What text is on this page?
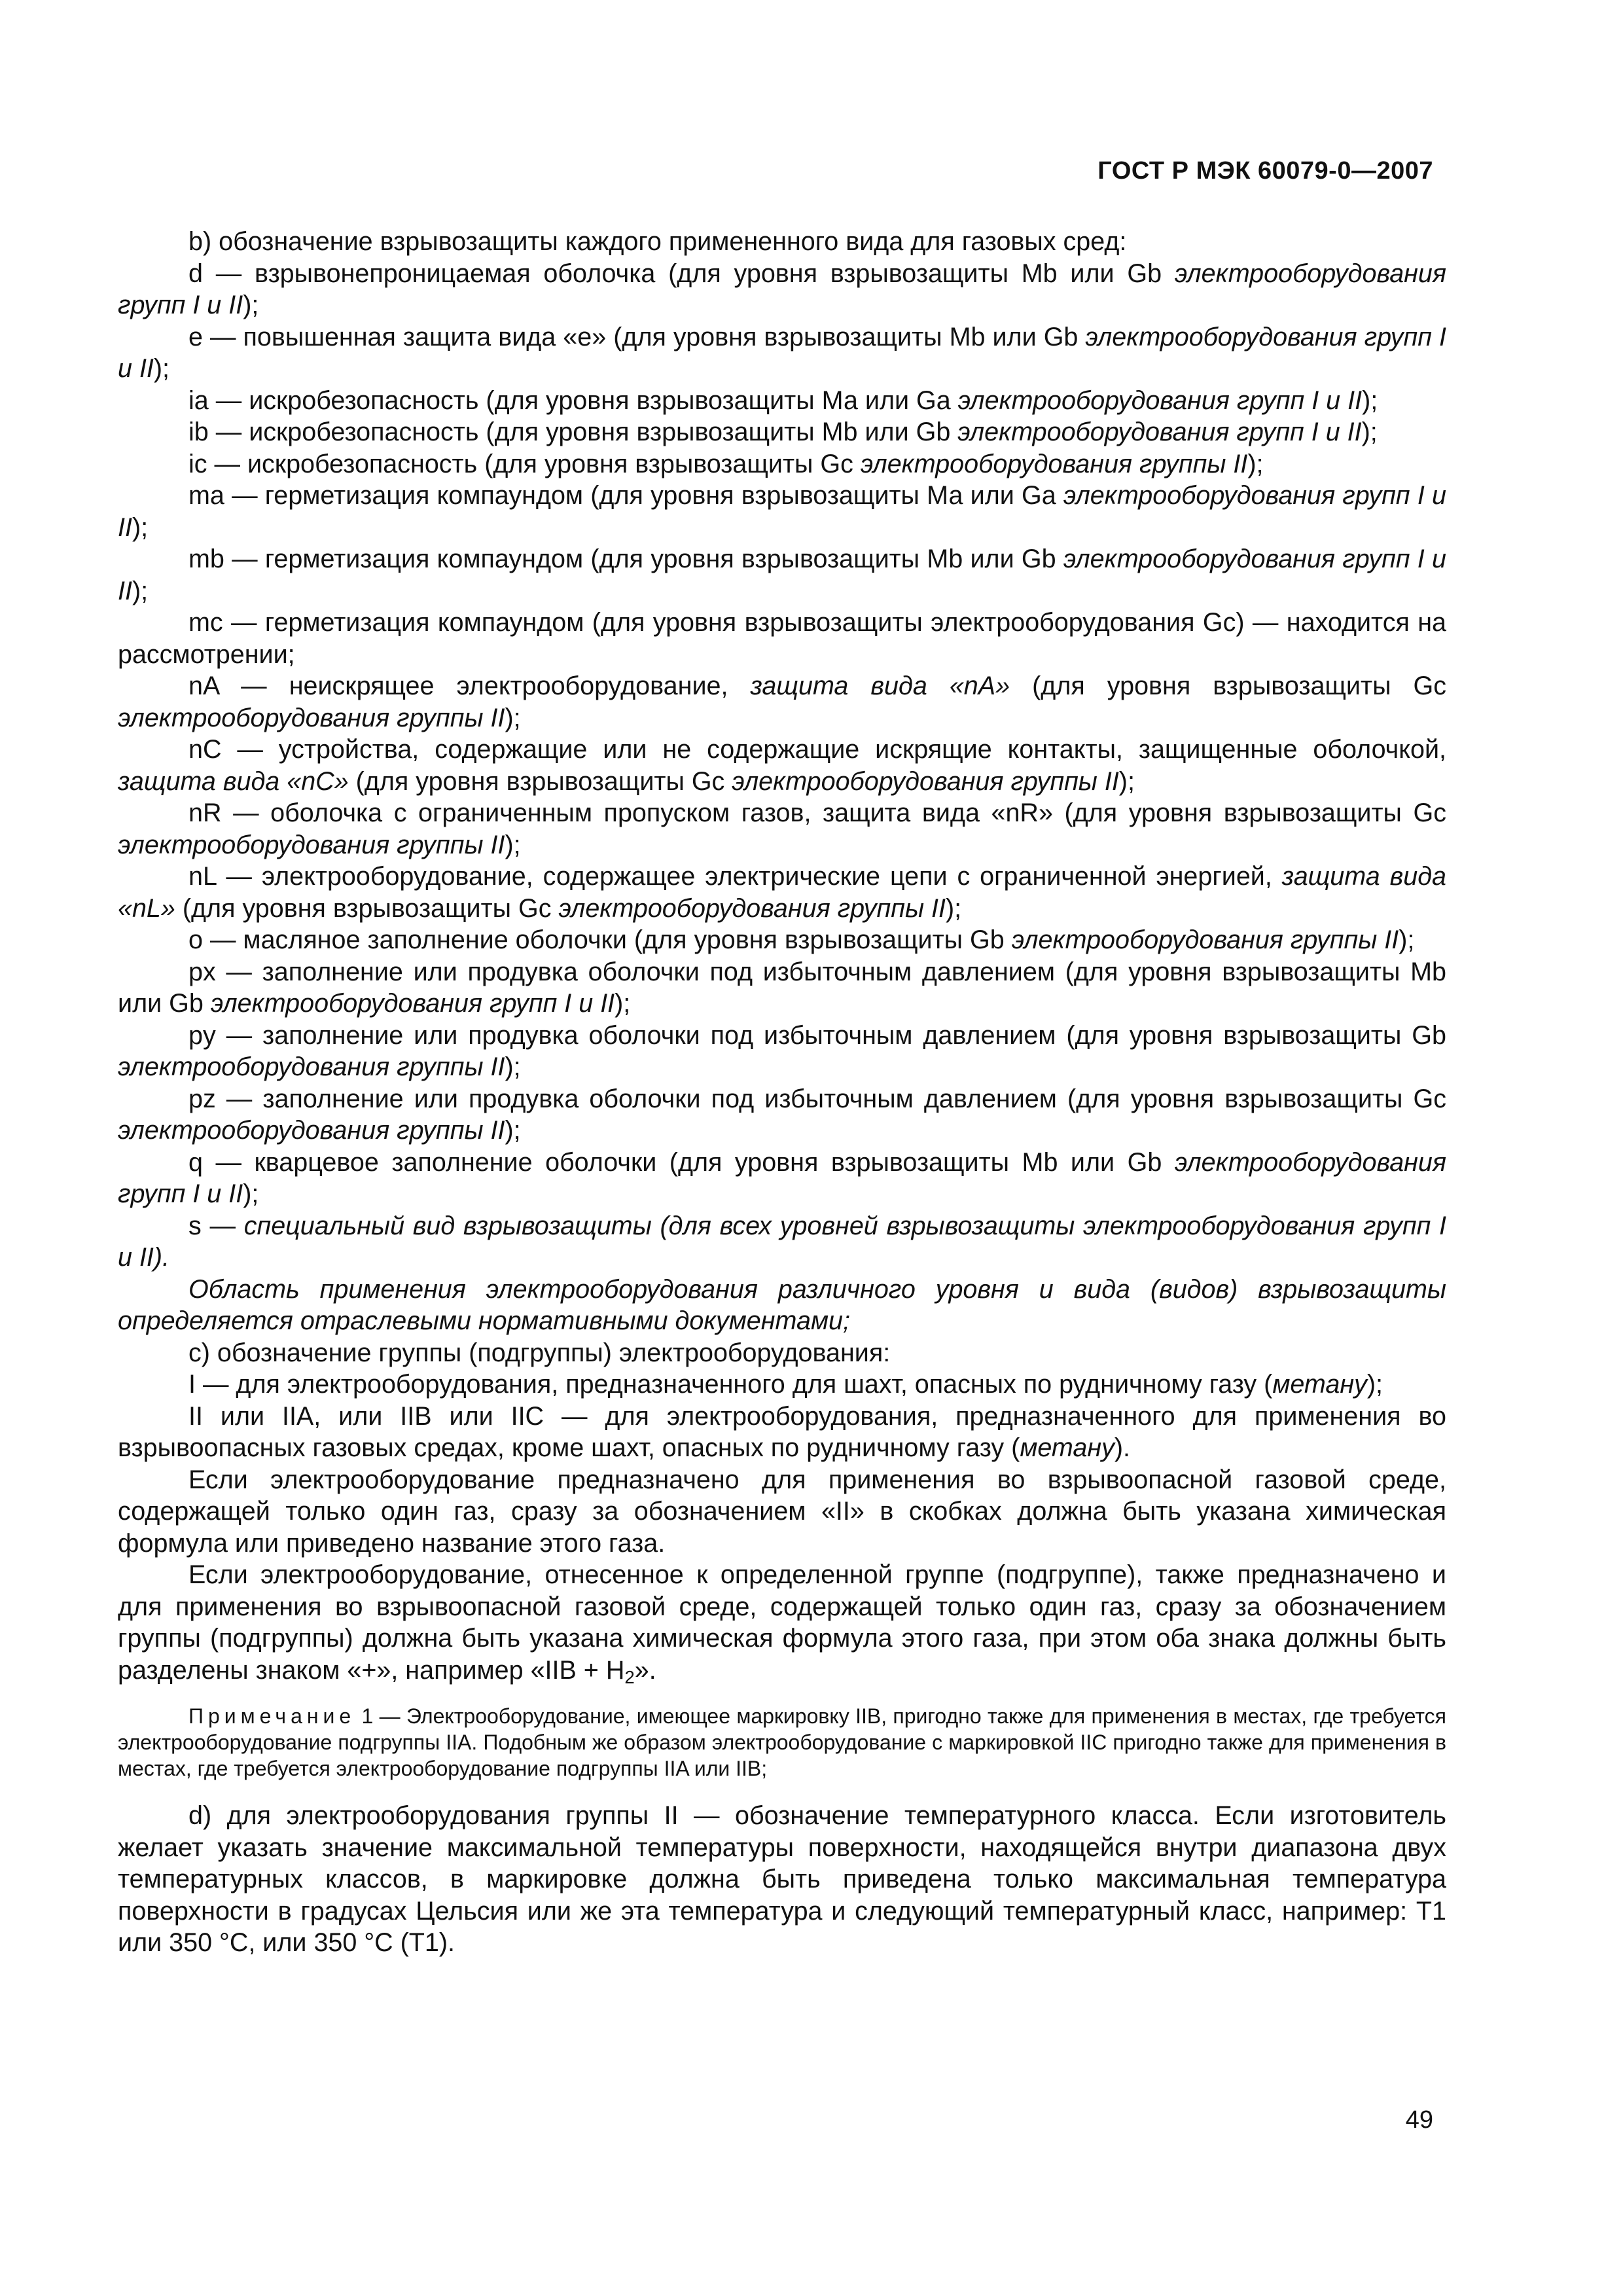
ГОСТ Р МЭК 60079-0—2007

b) обозначение взрывозащиты каждого примененного вида для газовых сред:

d — взрывонепроницаемая оболочка (для уровня взрывозащиты Mb или Gb электрооборудования групп I и II);

е — повышенная защита вида «е» (для уровня взрывозащиты Mb или Gb электрооборудования групп I и II);

ia — искробезопасность (для уровня взрывозащиты Ма или Ga электрооборудования групп I и II);

ib — искробезопасность (для уровня взрывозащиты Mb или Gb электрооборудования групп I и II);

ic — искробезопасность (для уровня взрывозащиты Gc электрооборудования группы II);

ma — герметизация компаундом (для уровня взрывозащиты Ма или Ga электрооборудования групп I и II);

mb — герметизация компаундом (для уровня взрывозащиты Mb или Gb электрооборудования групп I и II);

mc — герметизация компаундом (для уровня взрывозащиты электрооборудования Gc) — находится на рассмотрении;

nA — неискрящее электрооборудование, защита вида «nA» (для уровня взрывозащиты Gc электрооборудования группы II);

nC — устройства, содержащие или не содержащие искрящие контакты, защищенные оболочкой, защита вида «nC» (для уровня взрывозащиты Gc электрооборудования группы II);

nR — оболочка с ограниченным пропуском газов, защита вида «nR» (для уровня взрывозащиты Gc электрооборудования группы II);

nL — электрооборудование, содержащее электрические цепи с ограниченной энергией, защита вида «nL» (для уровня взрывозащиты Gc электрооборудования группы II);

о — масляное заполнение оболочки (для уровня взрывозащиты Gb электрооборудования группы II);

px — заполнение или продувка оболочки под избыточным давлением (для уровня взрывозащиты Mb или Gb электрооборудования групп I и II);

py — заполнение или продувка оболочки под избыточным давлением (для уровня взрывозащиты Gb электрооборудования группы II);

pz — заполнение или продувка оболочки под избыточным давлением (для уровня взрывозащиты Gc электрооборудования группы II);

q — кварцевое заполнение оболочки (для уровня взрывозащиты Mb или Gb электрооборудования групп I и II);

s — специальный вид взрывозащиты (для всех уровней взрывозащиты электрооборудования групп I и II).

Область применения электрооборудования различного уровня и вида (видов) взрывозащиты определяется отраслевыми нормативными документами;

с) обозначение группы (подгруппы) электрооборудования:

I — для электрооборудования, предназначенного для шахт, опасных по рудничному газу (метану);

II или IIA, или IIB или IIC — для электрооборудования, предназначенного для применения во взрывоопасных газовых средах, кроме шахт, опасных по рудничному газу (метану).

Если электрооборудование предназначено для применения во взрывоопасной газовой среде, содержащей только один газ, сразу за обозначением «II» в скобках должна быть указана химическая формула или приведено название этого газа.

Если электрооборудование, отнесенное к определенной группе (подгруппе), также предназначено и для применения во взрывоопасной газовой среде, содержащей только один газ, сразу за обозначением группы (подгруппы) должна быть указана химическая формула этого газа, при этом оба знака должны быть разделены знаком «+», например «IIB + $H_2$».

Примечание 1 — Электрооборудование, имеющее маркировку IIB, пригодно также для применения в местах, где требуется электрооборудование подгруппы IIA. Подобным же образом электрооборудование с маркировкой IIC пригодно также для применения в местах, где требуется электрооборудование подгруппы IIA или IIB;

d) для электрооборудования группы II — обозначение температурного класса. Если изготовитель желает указать значение максимальной температуры поверхности, находящейся внутри диапазона двух температурных классов, в маркировке должна быть приведена только максимальная температура поверхности в градусах Цельсия или же эта температура и следующий температурный класс, например: Т1 или 350 °С, или 350 °С (Т1).

49
